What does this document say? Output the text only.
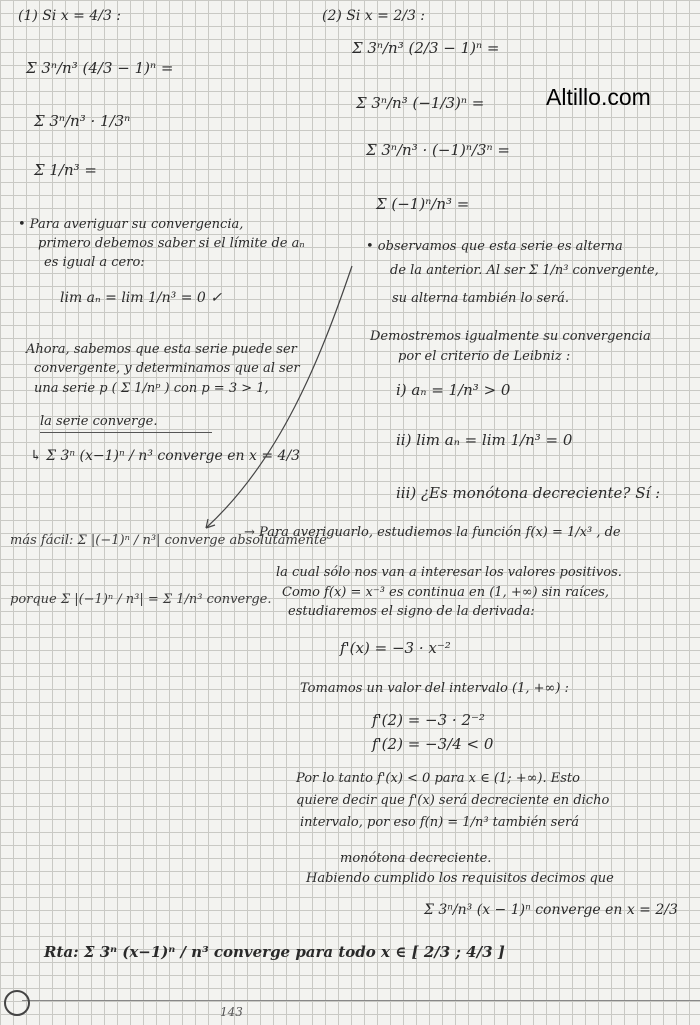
Altillo.com
(1) Si x = 4/3 :
Σ 3ⁿ/n³ (4/3 − 1)ⁿ =
Σ 3ⁿ/n³ · 1/3ⁿ
Σ 1/n³ =
• Para averiguar su convergencia,
primero debemos saber si el límite de aₙ
es igual a cero:
lim aₙ = lim 1/n³ = 0 ✓
Ahora, sabemos que esta serie puede ser
convergente, y determinamos que al ser
una serie p ( Σ 1/nᵖ ) con p = 3 > 1,
la serie converge.
↳ Σ 3ⁿ (x−1)ⁿ / n³ converge en x = 4/3
más fácil: Σ |(−1)ⁿ / n³| converge absolutamente
porque Σ |(−1)ⁿ / n³| = Σ 1/n³ converge.
(2) Si x = 2/3 :
Σ 3ⁿ/n³ (2/3 − 1)ⁿ =
Σ 3ⁿ/n³ (−1/3)ⁿ =
Σ 3ⁿ/n³ · (−1)ⁿ/3ⁿ =
Σ (−1)ⁿ/n³ =
• observamos que esta serie es alterna
de la anterior. Al ser Σ 1/n³ convergente,
su alterna también lo será.
Demostremos igualmente su convergencia
por el criterio de Leibniz :
i) aₙ = 1/n³ > 0
ii) lim aₙ = lim 1/n³ = 0
iii) ¿Es monótona decreciente? Sí :
→ Para averiguarlo, estudiemos la función f(x) = 1/x³ , de
la cual sólo nos van a interesar los valores positivos.
Como f(x) = x⁻³ es continua en (1, +∞) sin raíces,
estudiaremos el signo de la derivada:
f'(x) = −3 · x⁻²
Tomamos un valor del intervalo (1, +∞) :
f'(2) = −3 · 2⁻²
f'(2) = −3/4 < 0
Por lo tanto f'(x) < 0 para x ∈ (1; +∞). Esto
quiere decir que f'(x) será decreciente en dicho
intervalo, por eso f(n) = 1/n³ también será
monótona decreciente.
Habiendo cumplido los requisitos decimos que
Σ 3ⁿ/n³ (x − 1)ⁿ converge en x = 2/3
Rta: Σ 3ⁿ (x−1)ⁿ / n³ converge para todo x ∈ [ 2/3 ; 4/3 ]
143
